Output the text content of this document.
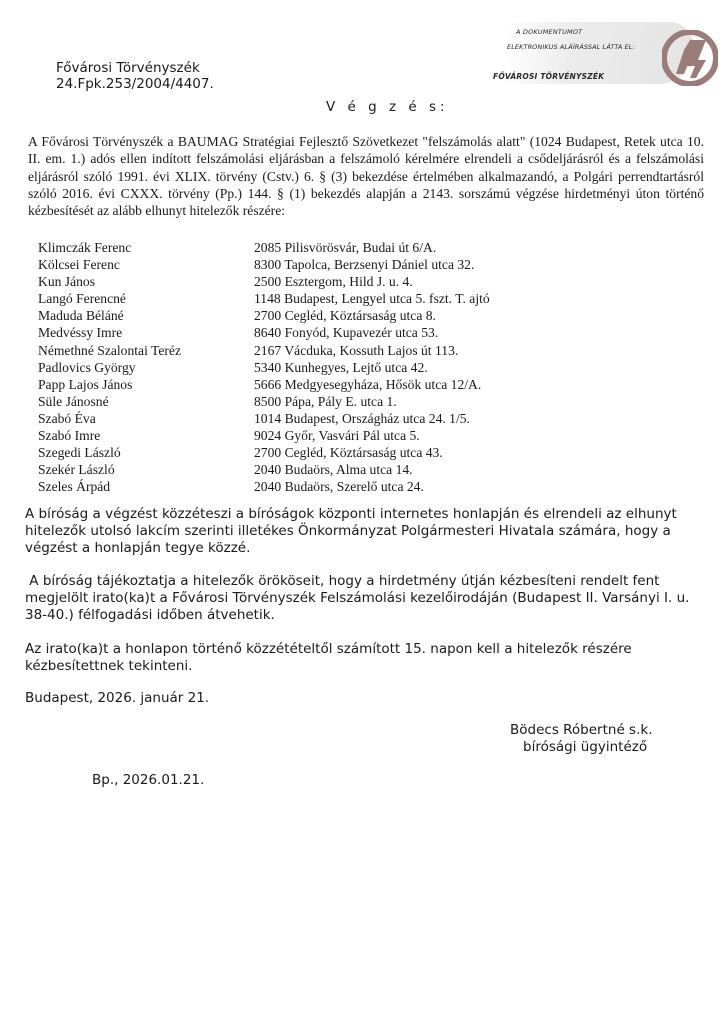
A DOKUMENTUMOT
ELEKTRONIKUS ALÁÍRÁSSAL LÁTTA EL:
FŐVÁROSI TÖRVÉNYSZÉK
Fővárosi Törvényszék
24.Fpk.253/2004/4407.
V é g z é s:
A Fővárosi Törvényszék a BAUMAG Stratégiai Fejlesztő Szövetkezet "felszámolás alatt" (1024 Budapest, Retek utca 10. II. em. 1.) adós ellen indított felszámolási eljárásban a felszámoló kérelmére elrendeli a csődeljárásról és a felszámolási eljárásról szóló 1991. évi XLIX. törvény (Cstv.) 6. § (3) bekezdése értelmében alkalmazandó, a Polgári perrendtartásról szóló 2016. évi CXXX. törvény (Pp.) 144. § (1) bekezdés alapján a 2143. sorszámú végzése hirdetményi úton történő kézbesítését az alább elhunyt hitelezők részére:
Klimczák Ferenc	2085 Pilisvörösvár, Budai út 6/A.
Kölcsei Ferenc	8300 Tapolca, Berzsenyi Dániel utca 32.
Kun János	2500 Esztergom, Hild J. u. 4.
Langó Ferencné	1148 Budapest, Lengyel utca 5. fszt. T. ajtó
Maduda Béláné	2700 Cegléd, Köztársaság utca 8.
Medvéssy Imre	8640 Fonyód, Kupavezér utca 53.
Némethné Szalontai Teréz	2167 Vácduka, Kossuth Lajos út 113.
Padlovics György	5340 Kunhegyes, Lejtő utca 42.
Papp Lajos János	5666 Medgyesegyháza, Hősök utca 12/A.
Süle Jánosné	8500 Pápa, Pály E. utca 1.
Szabó Éva	1014 Budapest, Országház utca 24. 1/5.
Szabó Imre	9024 Győr, Vasvári Pál utca 5.
Szegedi László	2700 Cegléd, Köztársaság utca 43.
Szekér László	2040 Budaörs, Alma utca 14.
Szeles Árpád	2040 Budaörs, Szerelő utca 24.
A bíróság a végzést közzéteszi a bíróságok központi internetes honlapján és elrendeli az elhunyt hitelezők utolsó lakcím szerinti illetékes Önkormányzat Polgármesteri Hivatala számára, hogy a végzést a honlapján tegye közzé.
A bíróság tájékoztatja a hitelezők örököseit, hogy a hirdetmény útján kézbesíteni rendelt fent megjelölt irato(ka)t a Fővárosi Törvényszék Felszámolási kezelőirodáján (Budapest II. Varsányi I. u. 38-40.) félfogadási időben átvehetik.
Az irato(ka)t a honlapon történő közzétételtől számított 15. napon kell a hitelezők részére kézbesítettnek tekinteni.
Budapest, 2026. január 21.
Bödecs Róbertné s.k.
bírósági ügyintéző
Bp., 2026.01.21.
